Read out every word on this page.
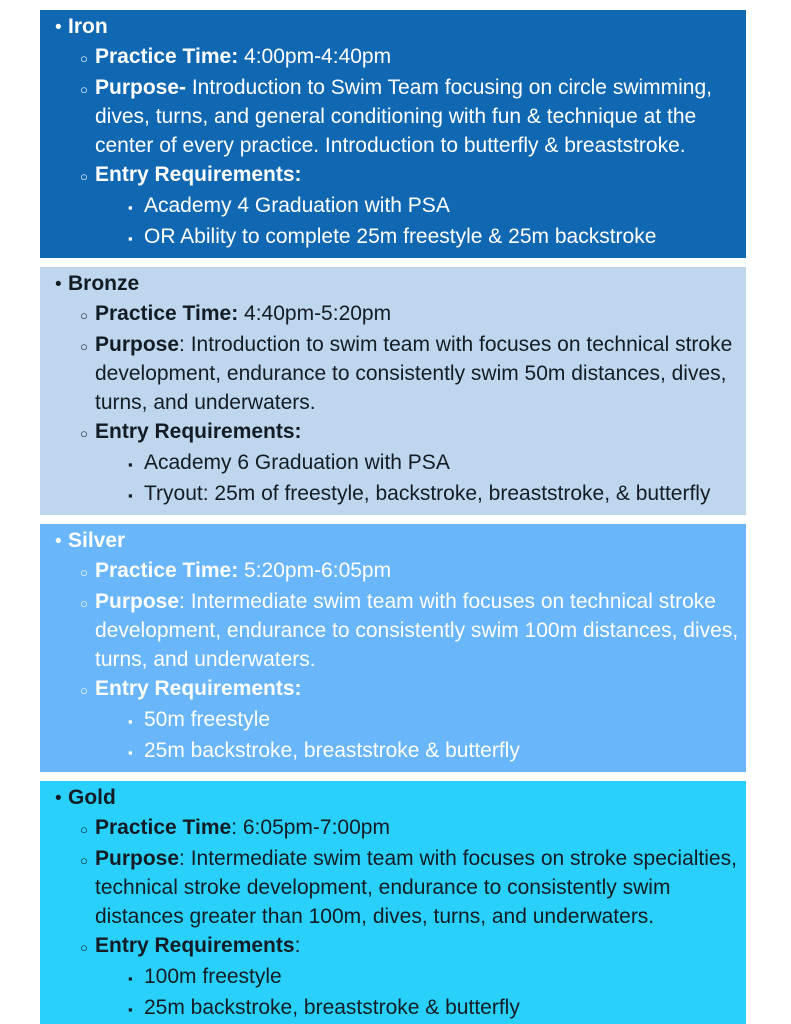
• Iron
○ Practice Time: 4:00pm-4:40pm
○ Purpose- Introduction to Swim Team focusing on circle swimming, dives, turns, and general conditioning with fun & technique at the center of every practice. Introduction to butterfly & breaststroke.
○ Entry Requirements:
▪ Academy 4 Graduation with PSA
▪ OR Ability to complete 25m freestyle & 25m backstroke
• Bronze
○ Practice Time: 4:40pm-5:20pm
○ Purpose: Introduction to swim team with focuses on technical stroke development, endurance to consistently swim 50m distances, dives, turns, and underwaters.
○ Entry Requirements:
▪ Academy 6 Graduation with PSA
▪ Tryout: 25m of freestyle, backstroke, breaststroke, & butterfly
• Silver
○ Practice Time: 5:20pm-6:05pm
○ Purpose: Intermediate swim team with focuses on technical stroke development, endurance to consistently swim 100m distances, dives, turns, and underwaters.
○ Entry Requirements:
▪ 50m freestyle
▪ 25m backstroke, breaststroke & butterfly
• Gold
○ Practice Time: 6:05pm-7:00pm
○ Purpose: Intermediate swim team with focuses on stroke specialties, technical stroke development, endurance to consistently swim distances greater than 100m, dives, turns, and underwaters.
○ Entry Requirements:
▪ 100m freestyle
▪ 25m backstroke, breaststroke & butterfly
